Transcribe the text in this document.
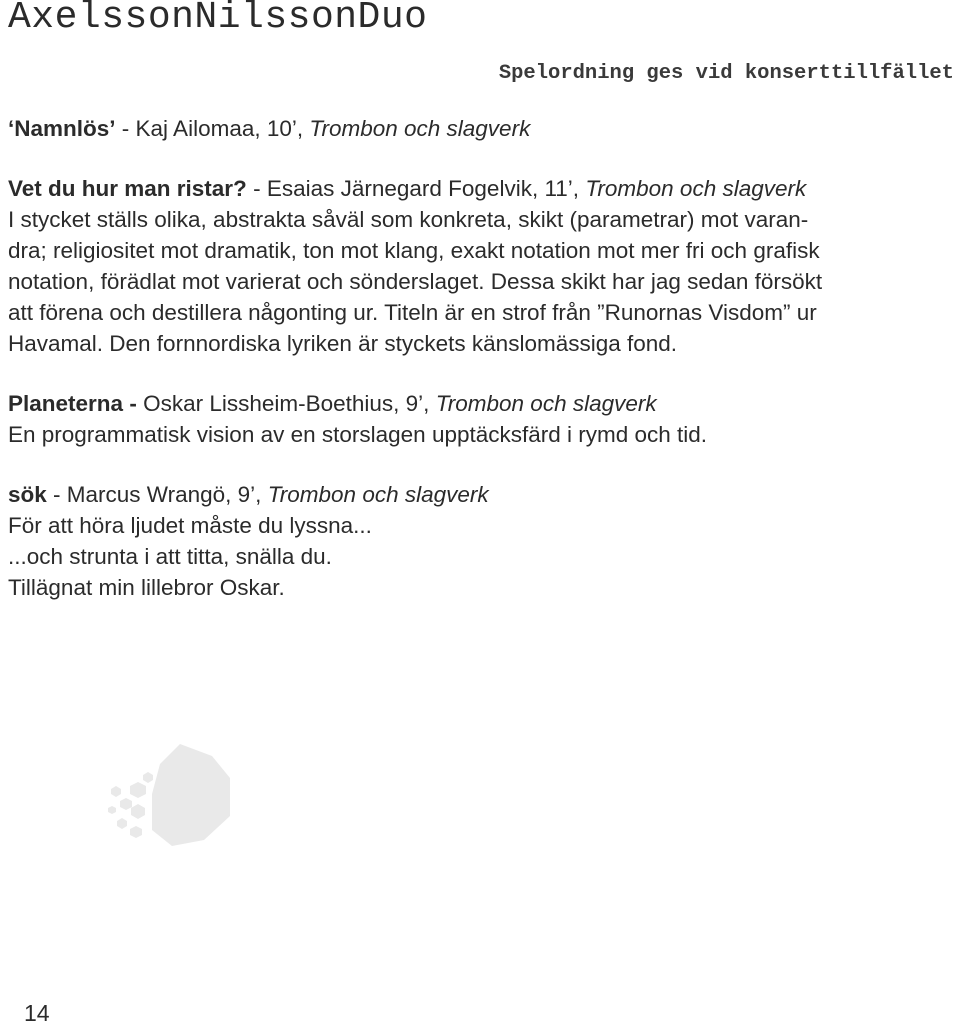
AxelssonNilssonDuo
Spelordning ges vid konserttillfället
‘Namnlös’ - Kaj Ailomaa, 10’, Trombon och slagverk
Vet du hur man ristar? - Esaias Järnegard Fogelvik, 11’, Trombon och slagverk
I stycket ställs olika, abstrakta såväl som konkreta, skikt (parametrar) mot varan-
dra; religiositet mot dramatik, ton mot klang, exakt notation mot mer fri och grafisk
notation, förädlat mot varierat och sönderslaget. Dessa skikt har jag sedan försökt
att förena och destillera någonting ur. Titeln är en strof från ”Runornas Visdom” ur
Havamal. Den fornnordiska lyriken är styckets känslomässiga fond.
Planeterna - Oskar Lissheim-Boethius, 9’, Trombon och slagverk
En programmatisk vision av en storslagen upptäcksfärd i rymd och tid.
sök - Marcus Wrangö, 9’, Trombon och slagverk
För att höra ljudet måste du lyssna...
...och strunta i att titta, snälla du.
Tillägnat min lillebror Oskar.
14
